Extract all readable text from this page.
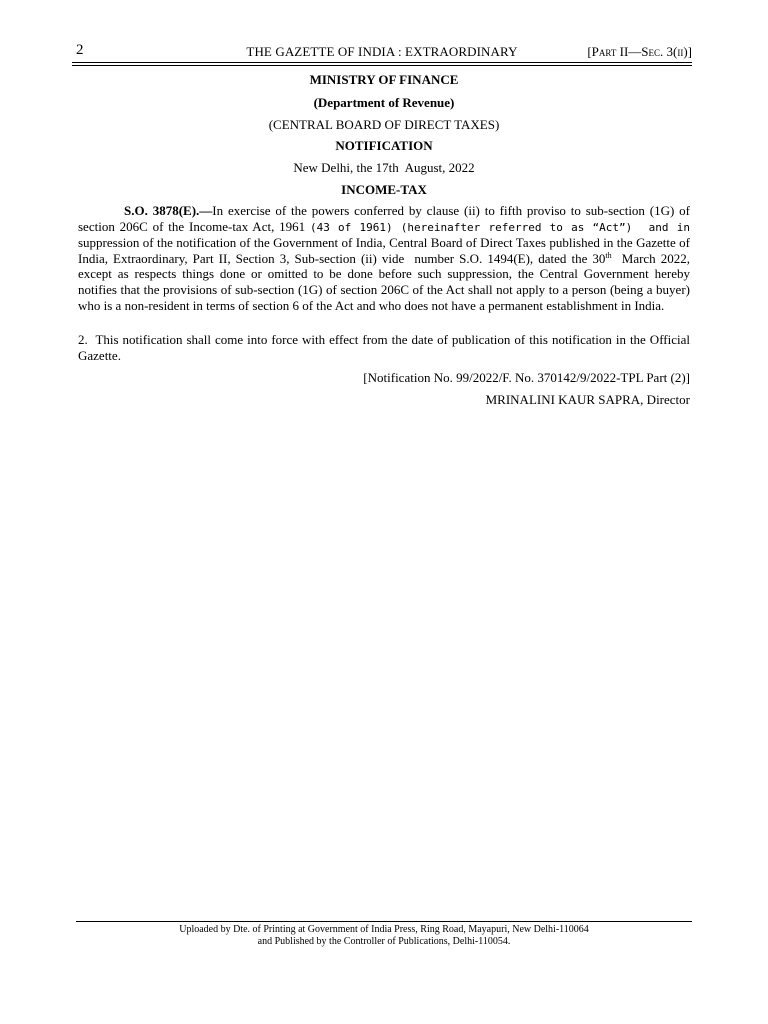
2	THE GAZETTE OF INDIA : EXTRAORDINARY	[Part II—Sec. 3(ii)]
MINISTRY OF FINANCE
(Department of Revenue)
(CENTRAL BOARD OF DIRECT TAXES)
NOTIFICATION
New Delhi, the 17th  August, 2022
INCOME-TAX
S.O. 3878(E).—In exercise of the powers conferred by clause (ii) to fifth proviso to sub-section (1G) of section 206C of the Income-tax Act, 1961 (43 of 1961) (hereinafter referred to as “Act”)  and in suppression of the notification of the Government of India, Central Board of Direct Taxes published in the Gazette of India, Extraordinary, Part II, Section 3, Sub-section (ii) vide  number S.O. 1494(E), dated the 30th  March 2022, except as respects things done or omitted to be done before such suppression, the Central Government hereby notifies that the provisions of sub-section (1G) of section 206C of the Act shall not apply to a person (being a buyer) who is a non-resident in terms of section 6 of the Act and who does not have a permanent establishment in India.
2.  This notification shall come into force with effect from the date of publication of this notification in the Official Gazette.
[Notification No. 99/2022/F. No. 370142/9/2022-TPL Part (2)]
MRINALINI KAUR SAPRA, Director
Uploaded by Dte. of Printing at Government of India Press, Ring Road, Mayapuri, New Delhi-110064
and Published by the Controller of Publications, Delhi-110054.
